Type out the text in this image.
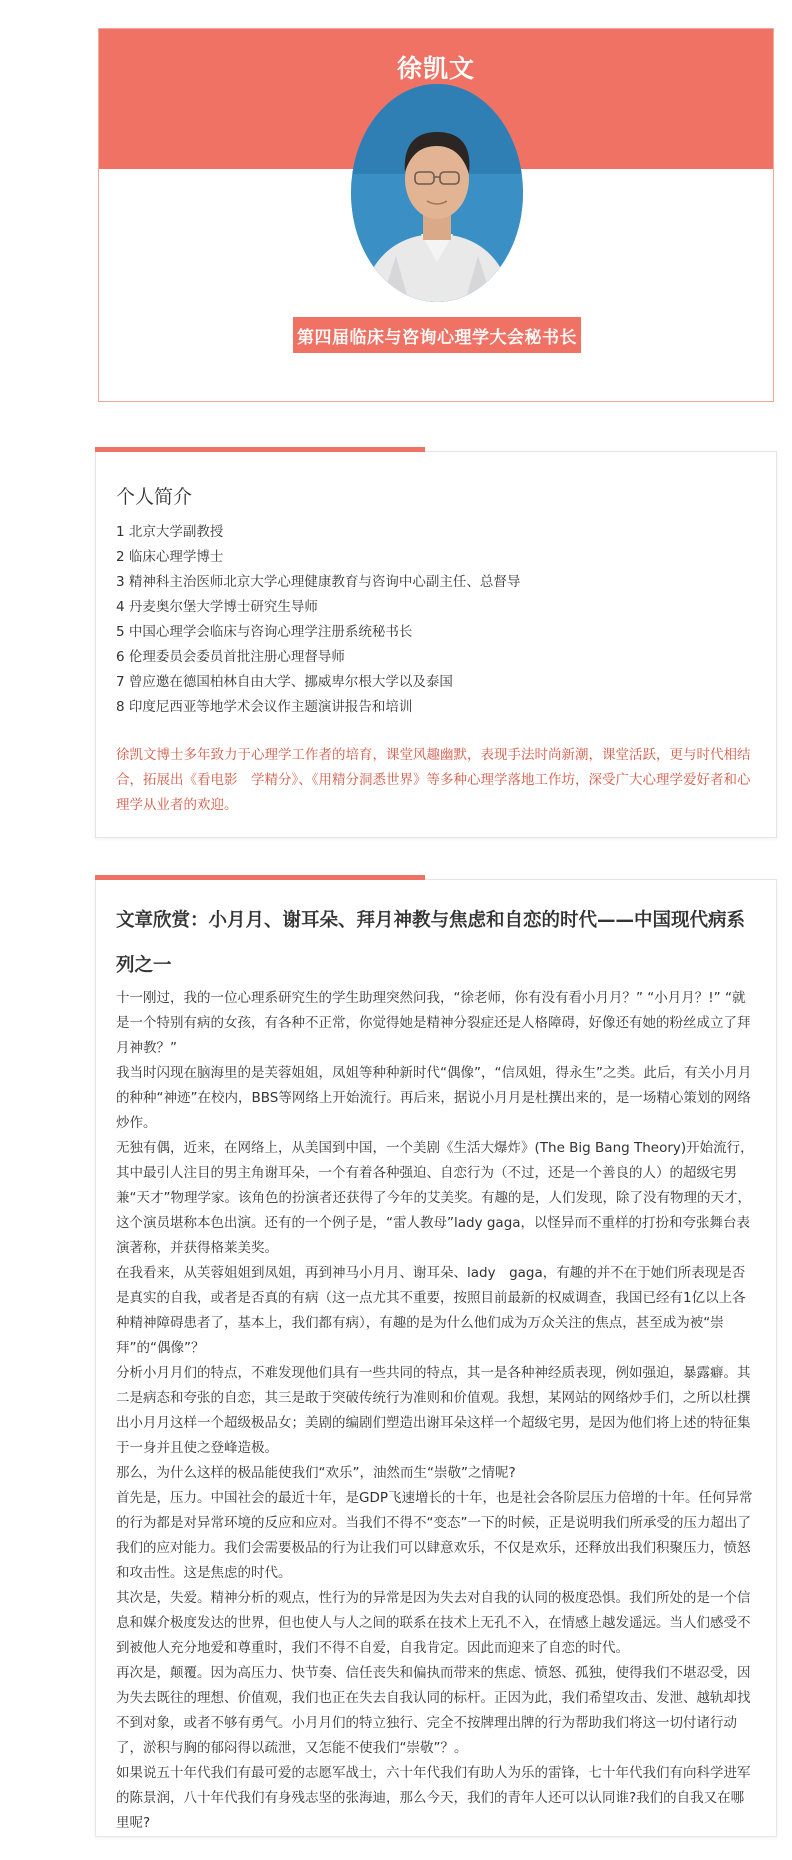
徐凯文
第四届临床与咨询心理学大会秘书长
个人简介
1 北京大学副教授
2 临床心理学博士
3 精神科主治医师北京大学心理健康教育与咨询中心副主任、总督导
4 丹麦奥尔堡大学博士研究生导师
5 中国心理学会临床与咨询心理学注册系统秘书长
6 伦理委员会委员首批注册心理督导师
7 曾应邀在德国柏林自由大学、挪威卑尔根大学以及泰国
8 印度尼西亚等地学术会议作主题演讲报告和培训

徐凯文博士多年致力于心理学工作者的培育，课堂风趣幽默，表现手法时尚新潮，课堂活跃，更与时代相结合，拓展出《看电影　学精分》、《用精分洞悉世界》等多种心理学落地工作坊，深受广大心理学爱好者和心理学从业者的欢迎。

文章欣赏：小月月、谢耳朵、拜月神教与焦虑和自恋的时代——中国现代病系列之一

十一刚过，我的一位心理系研究生的学生助理突然问我，“徐老师，你有没有看小月月？” “小月月？!” “就是一个特别有病的女孩，有各种不正常，你觉得她是精神分裂症还是人格障碍，好像还有她的粉丝成立了拜月神教？”

我当时闪现在脑海里的是芙蓉姐姐，凤姐等种种新时代“偶像”，“信凤姐，得永生”之类。此后，有关小月月的种种“神迹”在校内，BBS等网络上开始流行。再后来，据说小月月是杜撰出来的，是一场精心策划的网络炒作。

无独有偶，近来，在网络上，从美国到中国，一个美剧《生活大爆炸》(The Big Bang Theory)开始流行，其中最引人注目的男主角谢耳朵，一个有着各种强迫、自恋行为（不过，还是一个善良的人）的超级宅男兼“天才”物理学家。该角色的扮演者还获得了今年的艾美奖。有趣的是，人们发现，除了没有物理的天才，这个演员堪称本色出演。还有的一个例子是，“雷人教母”lady gaga，以怪异而不重样的打扮和夸张舞台表演著称，并获得格莱美奖。

在我看来，从芙蓉姐姐到凤姐，再到神马小月月、谢耳朵、lady　gaga，有趣的并不在于她们所表现是否是真实的自我，或者是否真的有病（这一点尤其不重要，按照目前最新的权威调查，我国已经有1亿以上各种精神障碍患者了，基本上，我们都有病），有趣的是为什么他们成为万众关注的焦点，甚至成为被“崇拜”的“偶像”？

分析小月月们的特点，不难发现他们具有一些共同的特点，其一是各种神经质表现，例如强迫，暴露癖。其二是病态和夸张的自恋，其三是敢于突破传统行为准则和价值观。我想，某网站的网络炒手们，之所以杜撰出小月月这样一个超级极品女；美剧的编剧们塑造出谢耳朵这样一个超级宅男，是因为他们将上述的特征集于一身并且使之登峰造极。

那么，为什么这样的极品能使我们“欢乐”，油然而生“崇敬”之情呢?

首先是，压力。中国社会的最近十年，是GDP飞速增长的十年，也是社会各阶层压力倍增的十年。任何异常的行为都是对异常环境的反应和应对。当我们不得不“变态”一下的时候，正是说明我们所承受的压力超出了我们的应对能力。我们会需要极品的行为让我们可以肆意欢乐，不仅是欢乐，还释放出我们积聚压力，愤怒和攻击性。这是焦虑的时代。

其次是，失爱。精神分析的观点，性行为的异常是因为失去对自我的认同的极度恐惧。我们所处的是一个信息和媒介极度发达的世界，但也使人与人之间的联系在技术上无孔不入，在情感上越发遥远。当人们感受不到被他人充分地爱和尊重时，我们不得不自爱，自我肯定。因此而迎来了自恋的时代。

再次是，颠覆。因为高压力、快节奏、信任丧失和偏执而带来的焦虑、愤怒、孤独，使得我们不堪忍受，因为失去既往的理想、价值观，我们也正在失去自我认同的标杆。正因为此，我们希望攻击、发泄、越轨却找不到对象，或者不够有勇气。小月月们的特立独行、完全不按牌理出牌的行为帮助我们将这一切付诸行动了，淤积与胸的郁闷得以疏泄，又怎能不使我们“崇敬”？。

如果说五十年代我们有最可爱的志愿军战士，六十年代我们有助人为乐的雷锋，七十年代我们有向科学进军的陈景润，八十年代我们有身残志坚的张海迪，那么今天，我们的青年人还可以认同谁?我们的自我又在哪里呢?
